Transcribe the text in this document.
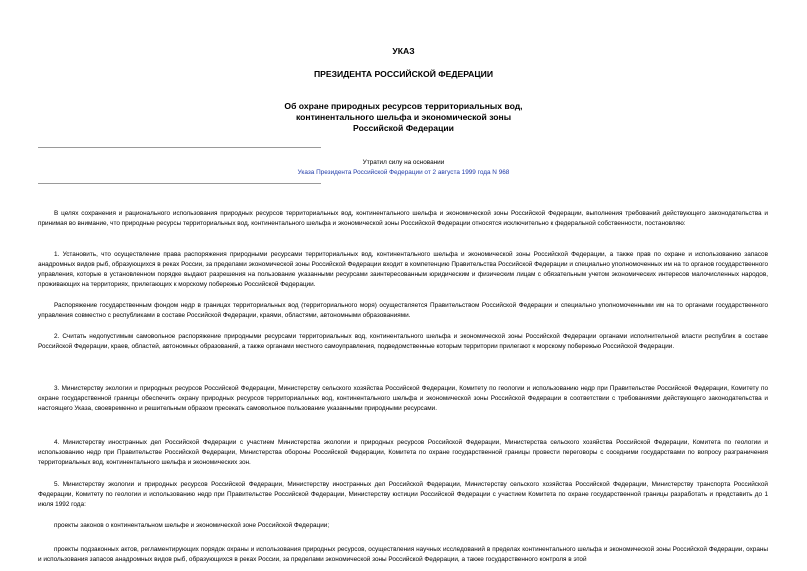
УКАЗ
ПРЕЗИДЕНТА РОССИЙСКОЙ ФЕДЕРАЦИИ
Об охране природных ресурсов территориальных вод,
континентального шельфа и экономической зоны
Российской Федерации
Утратил силу на основании
Указа Президента Российской Федерации от 2 августа 1999 года N 968

В целях сохранения и рационального использования природных ресурсов территориальных вод, континентального шельфа и экономической зоны Российской Федерации, выполнения требований действующего законодательства и принимая во внимание, что природные ресурсы территориальных вод, континентального шельфа и экономической зоны Российской Федерации относятся исключительно к федеральной собственности, постановляю:

1. Установить, что осуществление права распоряжения природными ресурсами территориальных вод, континентального шельфа и экономической зоны Российской Федерации, а также прав по охране и использованию запасов анадромных видов рыб, образующихся в реках России, за пределами экономической зоны Российской Федерации входит в компетенцию Правительства Российской Федерации и специально уполномоченных им на то органов государственного управления, которые в установленном порядке выдают разрешения на пользование указанными ресурсами заинтересованным юридическим и физическим лицам с обязательным учетом экономических интересов малочисленных народов, проживающих на территориях, прилегающих к морскому побережью Российской Федерации.

Распоряжение государственным фондом недр в границах территориальных вод (территориального моря) осуществляется Правительством Российской Федерации и специально уполномоченными им на то органами государственного управления совместно с республиками в составе Российской Федерации, краями, областями, автономными образованиями.

2. Считать недопустимым самовольное распоряжение природными ресурсами территориальных вод, континентального шельфа и экономической зоны Российской Федерации органами исполнительной власти республик в составе Российской Федерации, краев, областей, автономных образований, а также органами местного самоуправления, подведомственные которым территории прилегают к морскому побережью Российской Федерации.

3. Министерству экологии и природных ресурсов Российской Федерации, Министерству сельского хозяйства Российской Федерации, Комитету по геологии и использованию недр при Правительстве Российской Федерации, Комитету по охране государственной границы обеспечить охрану природных ресурсов территориальных вод, континентального шельфа и экономической зоны Российской Федерации в соответствии с требованиями действующего законодательства и настоящего Указа, своевременно и решительным образом пресекать самовольное пользование указанными природными ресурсами.

4. Министерству иностранных дел Российской Федерации с участием Министерства экологии и природных ресурсов Российской Федерации, Министерства сельского хозяйства Российской Федерации, Комитета по геологии и использованию недр при Правительстве Российской Федерации, Министерства обороны Российской Федерации, Комитета по охране государственной границы провести переговоры с соседними государствами по вопросу разграничения территориальных вод, континентального шельфа и экономических зон.

5. Министерству экологии и природных ресурсов Российской Федерации, Министерству иностранных дел Российской Федерации, Министерству сельского хозяйства Российской Федерации, Министерству транспорта Российской Федерации, Комитету по геологии и использованию недр при Правительстве Российской Федерации, Министерству юстиции Российской Федерации с участием Комитета по охране государственной границы разработать и представить до 1 июля 1992 года:

проекты законов о континентальном шельфе и экономической зоне Российской Федерации;

проекты подзаконных актов, регламентирующих порядок охраны и использования природных ресурсов, осуществления научных исследований в пределах континентального шельфа и экономической зоны Российской Федерации, охраны и использования запасов анадромных видов рыб, образующихся в реках России, за пределами экономической зоны Российской Федерации, а также государственного контроля в этой
